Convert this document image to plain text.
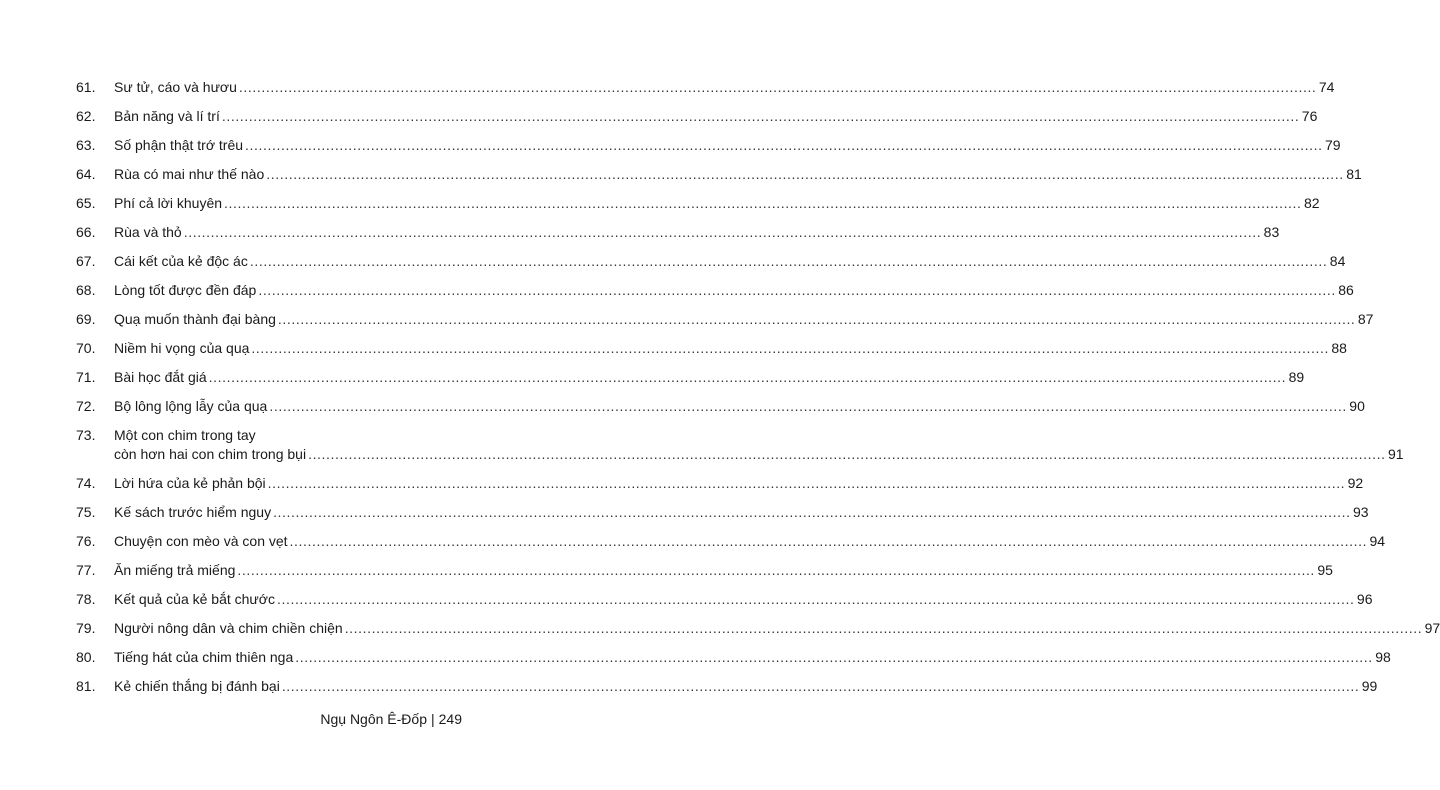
61.	Sư tử, cáo và hươu .....	74
62.	Bản năng và lí trí .....	76
63.	Số phận thật trớ trêu .....	79
64.	Rùa có mai như thế nào .....	81
65.	Phí cả lời khuyên .....	82
66.	Rùa và thỏ .....	83
67.	Cái kết của kẻ độc ác .....	84
68.	Lòng tốt được đền đáp .....	86
69.	Quạ muốn thành đại bàng .....	87
70.	Niềm hi vọng của quạ .....	88
71.	Bài học đắt giá .....	89
72.	Bộ lông lộng lẫy của quạ .....	90
73.	Một con chim trong tay
còn hơn hai con chim trong bụi .....	91
74.	Lời hứa của kẻ phản bội .....	92
75.	Kế sách trước hiểm nguy .....	93
76.	Chuyện con mèo và con vẹt .....	94
77.	Ăn miếng trả miếng .....	95
78.	Kết quả của kẻ bắt chước .....	96
79.	Người nông dân và chim chiền chiện .....	97
80.	Tiếng hát của chim thiên nga .....	98
81.	Kẻ chiến thắng bị đánh bại .....	99
Ngụ Ngôn Ê-Đốp | 249
